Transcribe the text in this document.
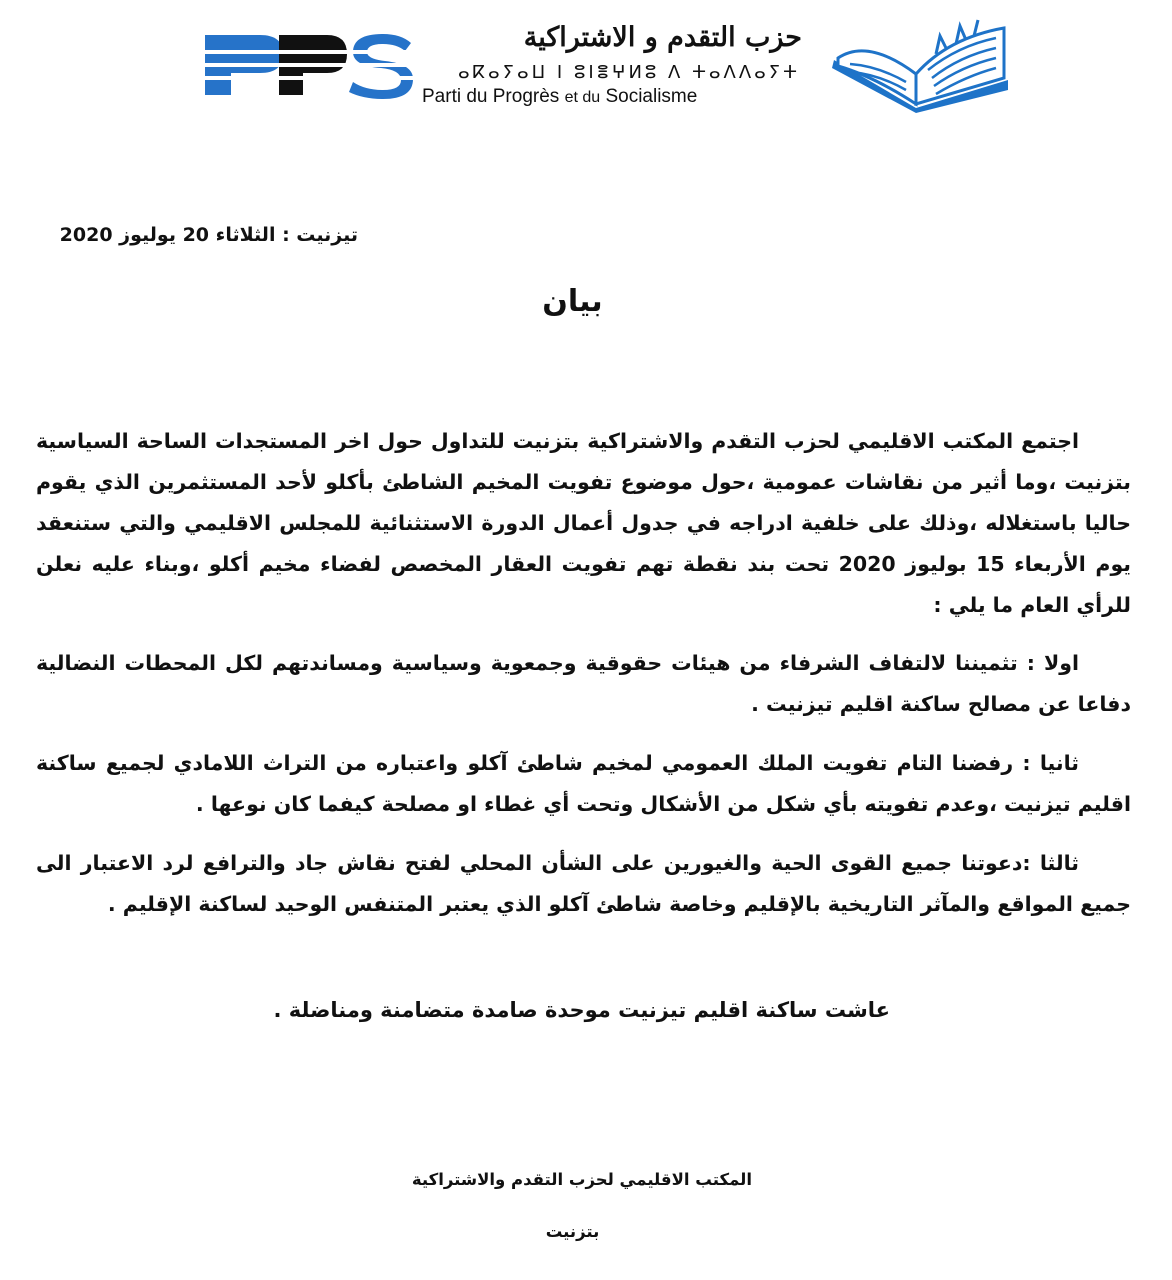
حزب التقدم و الاشتراكية
ⴰⴽⴰⵢⴰⵡ ⵏ ⵓⵏⴻⵖⵍⵓ ⴷ ⵜⴰⴷⴷⴰⵢⵜ
Parti du Progrès et du Socialisme
تيزنيت : الثلاثاء 20 يوليوز 2020
بيان

اجتمع المكتب الاقليمي لحزب التقدم والاشتراكية بتزنيت للتداول حول اخر المستجدات الساحة السياسية بتزنيت ،وما أثير من نقاشات عمومية ،حول موضوع تفويت المخيم الشاطئ بأكلو لأحد المستثمرين الذي يقوم حاليا باستغلاله ،وذلك على خلفية ادراجه في جدول أعمال الدورة الاستثنائية للمجلس الاقليمي والتي ستنعقد يوم الأربعاء 15 بوليوز 2020 تحت بند نقطة تهم تفويت العقار المخصص لفضاء مخيم أكلو ،وبناء عليه نعلن للرأي العام ما يلي :

اولا : تثميننا لالتفاف الشرفاء من هيئات حقوقية وجمعوية وسياسية ومساندتهم لكل المحطات النضالية دفاعا عن مصالح ساكنة اقليم تيزنيت .

ثانيا : رفضنا التام تفويت الملك العمومي لمخيم شاطئ آكلو واعتباره من التراث اللامادي لجميع ساكنة اقليم تيزنيت ،وعدم تفويته بأي شكل من الأشكال وتحت أي غطاء او مصلحة كيفما كان نوعها .

ثالثا :دعوتنا جميع القوى الحية والغيورين على الشأن المحلي لفتح نقاش جاد والترافع لرد الاعتبار الى جميع المواقع والمآثر التاريخية بالإقليم وخاصة شاطئ آكلو الذي يعتبر المتنفس الوحيد لساكنة الإقليم .

عاشت ساكنة اقليم تيزنيت موحدة صامدة متضامنة ومناضلة .
المكتب الاقليمي لحزب التقدم والاشتراكية
بتزنيت
